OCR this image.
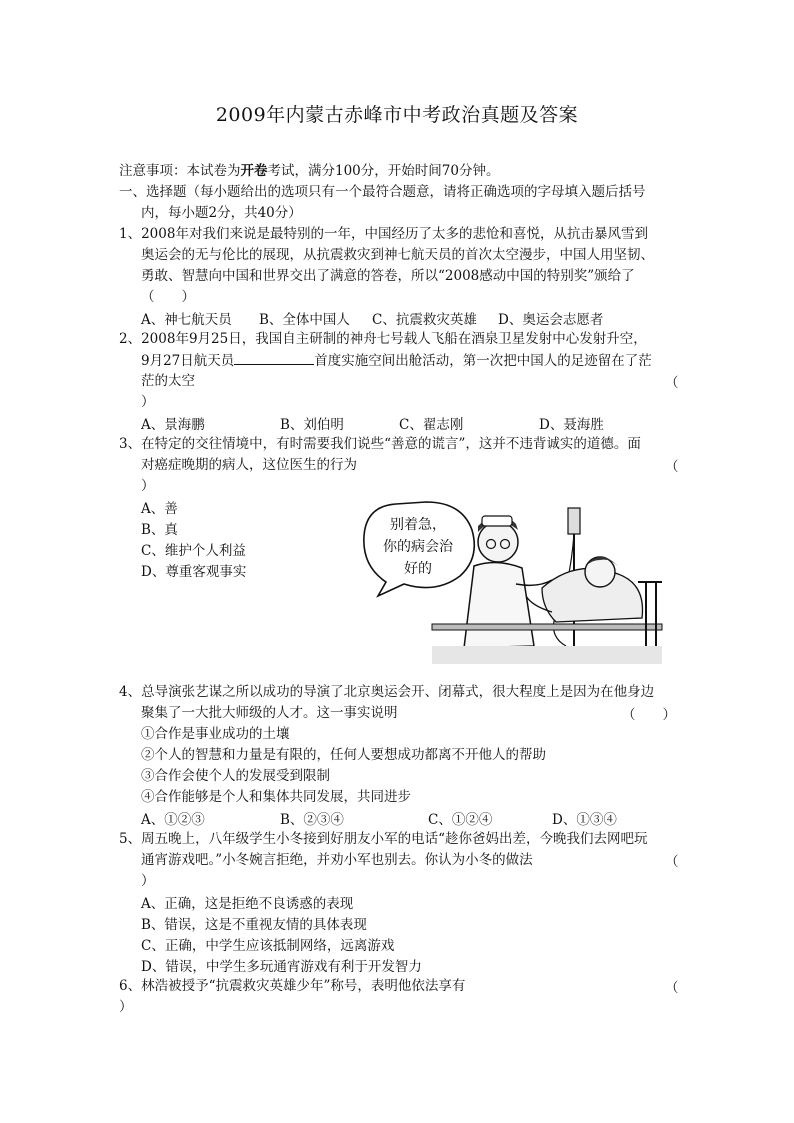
2009年内蒙古赤峰市中考政治真题及答案
注意事项：本试卷为开卷考试，满分100分，开始时间70分钟。
一、选择题（每小题给出的选项只有一个最符合题意，请将正确选项的字母填入题后括号
内，每小题2分，共40分）
1、2008年对我们来说是最特别的一年，中国经历了太多的悲怆和喜悦，从抗击暴风雪到
奥运会的无与伦比的展现，从抗震救灾到神七航天员的首次太空漫步，中国人用坚韧、
勇敢、智慧向中国和世界交出了满意的答卷，所以“2008感动中国的特别奖”颁给了
（　　）
A、神七航天员 B、全体中国人 C、抗震救灾英雄 D、奥运会志愿者
2、2008年9月25日，我国自主研制的神舟七号载人飞船在酒泉卫星发射中心发射升空，
9月27日航天员	首度实施空间出舱活动，第一次把中国人的足迹留在了茫
茫的太空	（
）
A、景海鹏	B、刘伯明	C、翟志刚	D、聂海胜
3、在特定的交往情境中，有时需要我们说些“善意的谎言”，这并不违背诚实的道德。面
对癌症晚期的病人，这位医生的行为	（
）
A、善
B、真
C、维护个人利益
D、尊重客观事实
别着急，
你的病会治
好的
4、总导演张艺谋之所以成功的导演了北京奥运会开、闭幕式，很大程度上是因为在他身边
聚集了一大批大师级的人才。这一事实说明	（　　）
①合作是事业成功的土壤
②个人的智慧和力量是有限的，任何人要想成功都离不开他人的帮助
③合作会使个人的发展受到限制
④合作能够是个人和集体共同发展，共同进步
A、①②③	B、②③④	C、①②④	D、①③④
5、周五晚上，八年级学生小冬接到好朋友小军的电话“趁你爸妈出差，今晚我们去网吧玩
通宵游戏吧。”小冬婉言拒绝，并劝小军也别去。你认为小冬的做法	（
）
A、正确，这是拒绝不良诱惑的表现
B、错误，这是不重视友情的具体表现
C、正确，中学生应该抵制网络，远离游戏
D、错误，中学生多玩通宵游戏有利于开发智力
6、林浩被授予“抗震救灾英雄少年”称号，表明他依法享有	（
）
